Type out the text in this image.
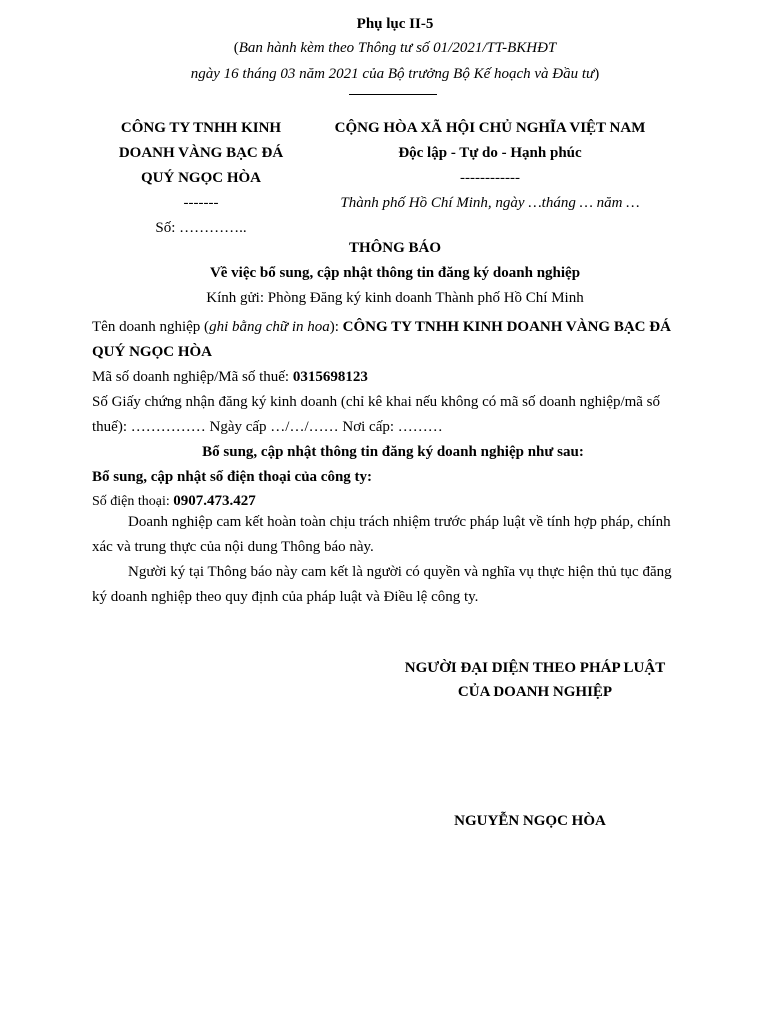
Phụ lục II-5
(Ban hành kèm theo Thông tư số 01/2021/TT-BKHĐT
ngày 16 tháng 03 năm 2021 của Bộ trưởng Bộ Kế hoạch và Đầu tư)
CÔNG TY TNHH KINH
DOANH VÀNG BẠC ĐÁ
QUÝ NGỌC HÒA
-------
Số: …………..
CỘNG HÒA XÃ HỘI CHỦ NGHĨA VIỆT NAM
Độc lập - Tự do - Hạnh phúc
------------
Thành phố Hồ Chí Minh, ngày …tháng … năm …
THÔNG BÁO
Về việc bổ sung, cập nhật thông tin đăng ký doanh nghiệp
Kính gửi: Phòng Đăng ký kinh doanh Thành phố Hồ Chí Minh
Tên doanh nghiệp (ghi bằng chữ in hoa): CÔNG TY TNHH KINH DOANH VÀNG BẠC ĐÁ
QUÝ NGỌC HÒA
Mã số doanh nghiệp/Mã số thuế: 0315698123
Số Giấy chứng nhận đăng ký kinh doanh (chỉ kê khai nếu không có mã số doanh nghiệp/mã số
thuế): …………… Ngày cấp …/…/…… Nơi cấp: ………
Bổ sung, cập nhật thông tin đăng ký doanh nghiệp như sau:
Bổ sung, cập nhật số điện thoại của công ty:
Số điện thoại: 0907.473.427
Doanh nghiệp cam kết hoàn toàn chịu trách nhiệm trước pháp luật về tính hợp pháp, chính
xác và trung thực của nội dung Thông báo này.
Người ký tại Thông báo này cam kết là người có quyền và nghĩa vụ thực hiện thủ tục đăng
ký doanh nghiệp theo quy định của pháp luật và Điều lệ công ty.
NGƯỜI ĐẠI DIỆN THEO PHÁP LUẬT
CỦA DOANH NGHIỆP
NGUYỄN NGỌC HÒA
